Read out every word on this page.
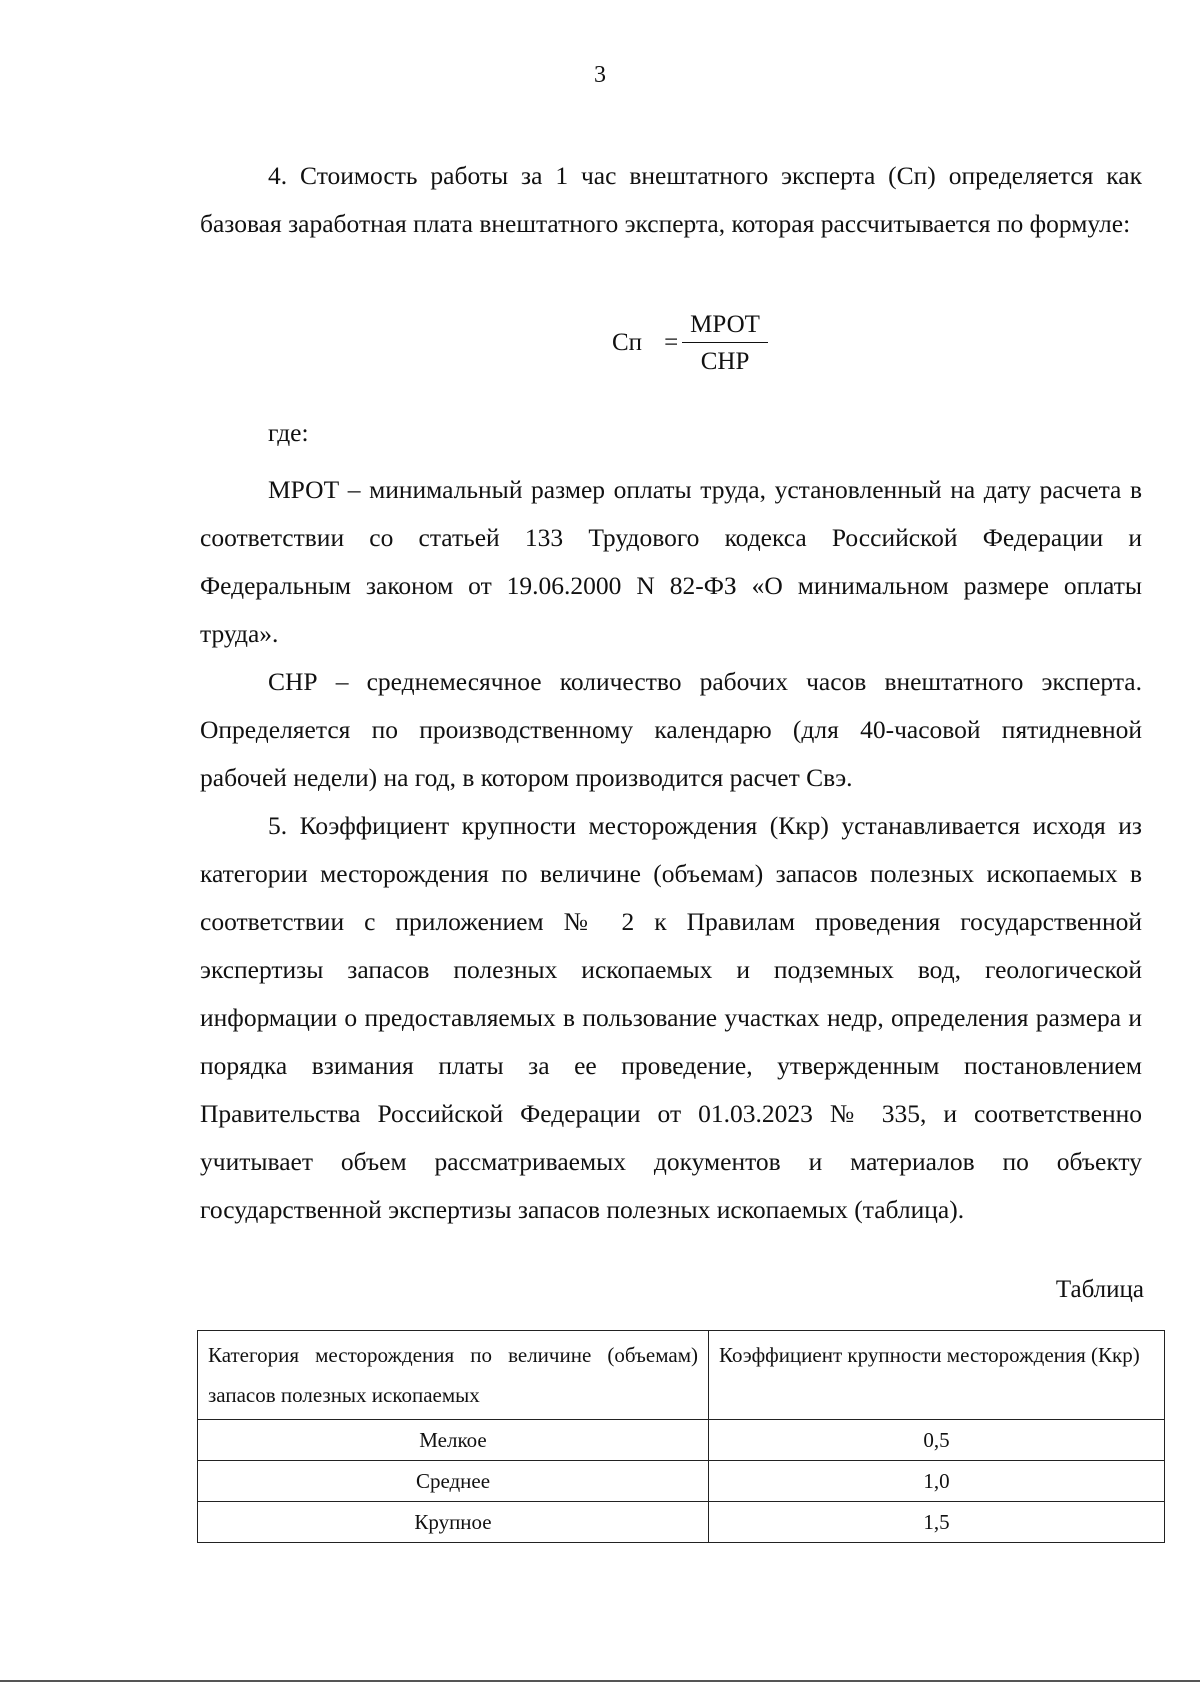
3

4. Стоимость работы за 1 час внештатного эксперта (Сп) определяется как базовая заработная плата внештатного эксперта, которая рассчитывается по формуле:

Сп = $\frac{\text{МРОТ}}{\text{СНР}}$
где:

МРОТ – минимальный размер оплаты труда, установленный на дату расчета в соответствии со статьей 133 Трудового кодекса Российской Федерации и Федеральным законом от 19.06.2000 N 82-ФЗ «О минимальном размере оплаты труда».

СНР – среднемесячное количество рабочих часов внештатного эксперта. Определяется по производственному календарю (для 40-часовой пятидневной рабочей недели) на год, в котором производится расчет Свэ.

5. Коэффициент крупности месторождения (Ккр) устанавливается исходя из категории месторождения по величине (объемам) запасов полезных ископаемых в соответствии с приложением № 2 к Правилам проведения государственной экспертизы запасов полезных ископаемых и подземных вод, геологической информации о предоставляемых в пользование участках недр, определения размера и порядка взимания платы за ее проведение, утвержденным постановлением Правительства Российской Федерации от 01.03.2023 № 335, и соответственно учитывает объем рассматриваемых документов и материалов по объекту государственной экспертизы запасов полезных ископаемых (таблица).

Таблица
Категория месторождения по величине (объемам) запасов полезных ископаемых	Коэффициент крупности месторождения (Ккр)
Мелкое	0,5
Среднее	1,0
Крупное	1,5
